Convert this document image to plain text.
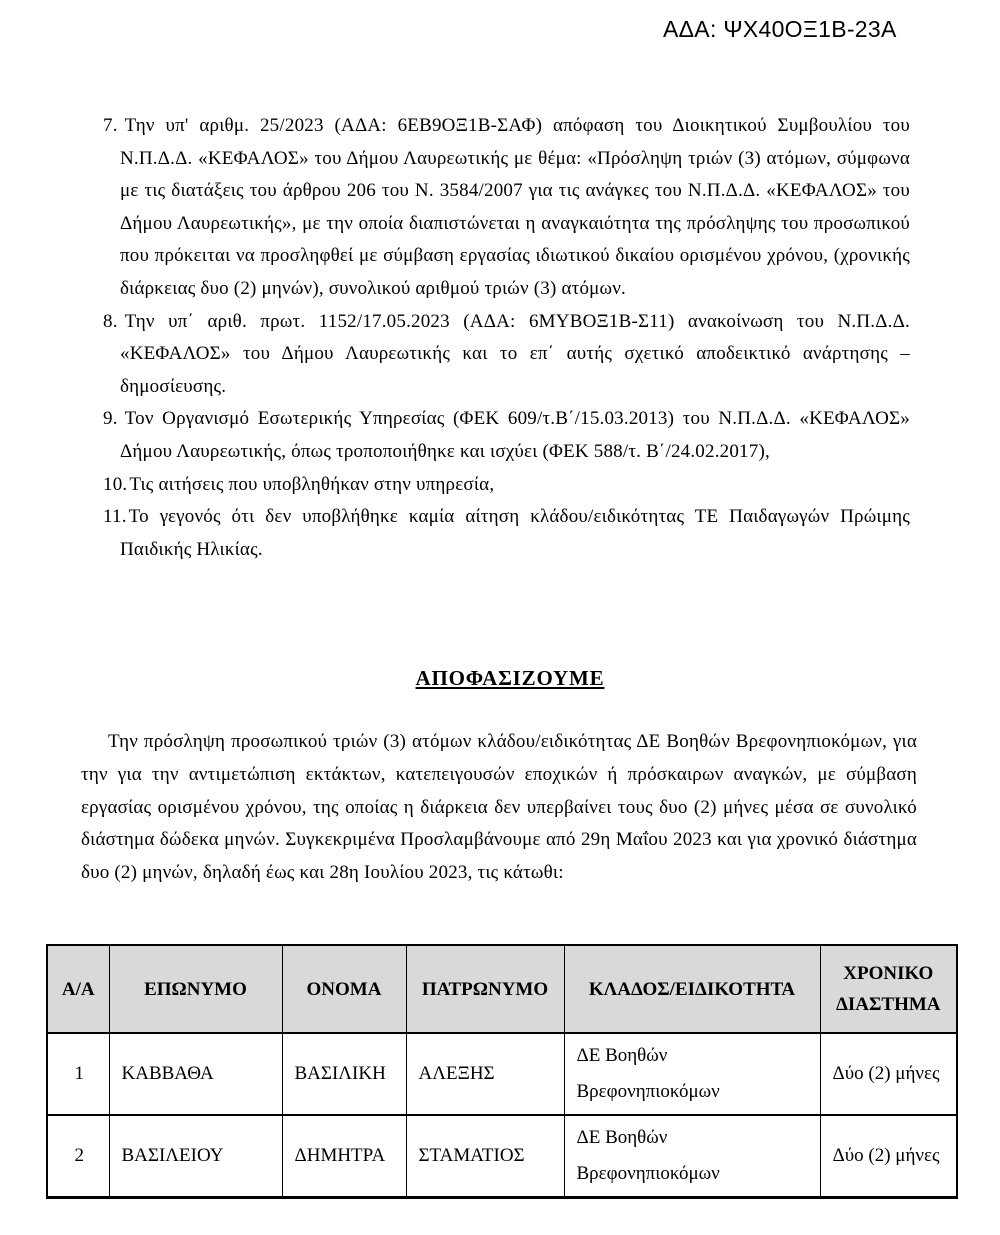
ΑΔΑ: ΨΧ40ΟΞ1Β-23Α
7. Την υπ' αριθμ. 25/2023 (ΑΔΑ: 6ΕΒ9ΟΞ1Β-ΣΑΦ) απόφαση του Διοικητικού Συμβουλίου του Ν.Π.Δ.Δ. «ΚΕΦΑΛΟΣ» του Δήμου Λαυρεωτικής με θέμα: «Πρόσληψη τριών (3) ατόμων, σύμφωνα με τις διατάξεις του άρθρου 206 του Ν. 3584/2007 για τις ανάγκες του Ν.Π.Δ.Δ. «ΚΕΦΑΛΟΣ» του Δήμου Λαυρεωτικής», με την οποία διαπιστώνεται η αναγκαιότητα της πρόσληψης του προσωπικού που πρόκειται να προσληφθεί με σύμβαση εργασίας ιδιωτικού δικαίου ορισμένου χρόνου, (χρονικής διάρκειας δυο (2) μηνών), συνολικού αριθμού τριών (3) ατόμων.
8. Την υπ΄ αριθ. πρωτ. 1152/17.05.2023 (ΑΔΑ: 6ΜΥΒΟΞ1Β-Σ11) ανακοίνωση του Ν.Π.Δ.Δ. «ΚΕΦΑΛΟΣ» του Δήμου Λαυρεωτικής και το επ΄ αυτής σχετικό αποδεικτικό ανάρτησης – δημοσίευσης.
9. Τον Οργανισμό Εσωτερικής Υπηρεσίας (ΦΕΚ 609/τ.Β΄/15.03.2013) του Ν.Π.Δ.Δ. «ΚΕΦΑΛΟΣ» Δήμου Λαυρεωτικής, όπως τροποποιήθηκε και ισχύει (ΦΕΚ 588/τ. Β΄/24.02.2017),
10. Τις αιτήσεις που υποβληθήκαν στην υπηρεσία,
11. Το γεγονός ότι δεν υποβλήθηκε καμία αίτηση κλάδου/ειδικότητας ΤΕ Παιδαγωγών Πρώιμης Παιδικής Ηλικίας.
ΑΠΟΦΑΣΙΖΟΥΜΕ
Την πρόσληψη προσωπικού τριών (3) ατόμων κλάδου/ειδικότητας ΔΕ Βοηθών Βρεφονηπιοκόμων, για την για την αντιμετώπιση εκτάκτων, κατεπειγουσών εποχικών ή πρόσκαιρων αναγκών, με σύμβαση εργασίας ορισμένου χρόνου, της οποίας η διάρκεια δεν υπερβαίνει τους δυο (2) μήνες μέσα σε συνολικό διάστημα δώδεκα μηνών. Συγκεκριμένα Προσλαμβάνουμε από 29η Μαΐου 2023 και για χρονικό διάστημα δυο (2) μηνών, δηλαδή έως και 28η Ιουλίου 2023, τις κάτωθι:
Α/Α	ΕΠΩΝΥΜΟ	ΟΝΟΜΑ	ΠΑΤΡΩΝΥΜΟ	ΚΛΑΔΟΣ/ΕΙΔΙΚΟΤΗΤΑ	ΧΡΟΝΙΚΟ ΔΙΑΣΤΗΜΑ
1	ΚΑΒΒΑΘΑ	ΒΑΣΙΛΙΚΗ	ΑΛΕΞΗΣ	ΔΕ Βοηθών Βρεφονηπιοκόμων	Δύο (2) μήνες
2	ΒΑΣΙΛΕΙΟΥ	ΔΗΜΗΤΡΑ	ΣΤΑΜΑΤΙΟΣ	ΔΕ Βοηθών Βρεφονηπιοκόμων	Δύο (2) μήνες
